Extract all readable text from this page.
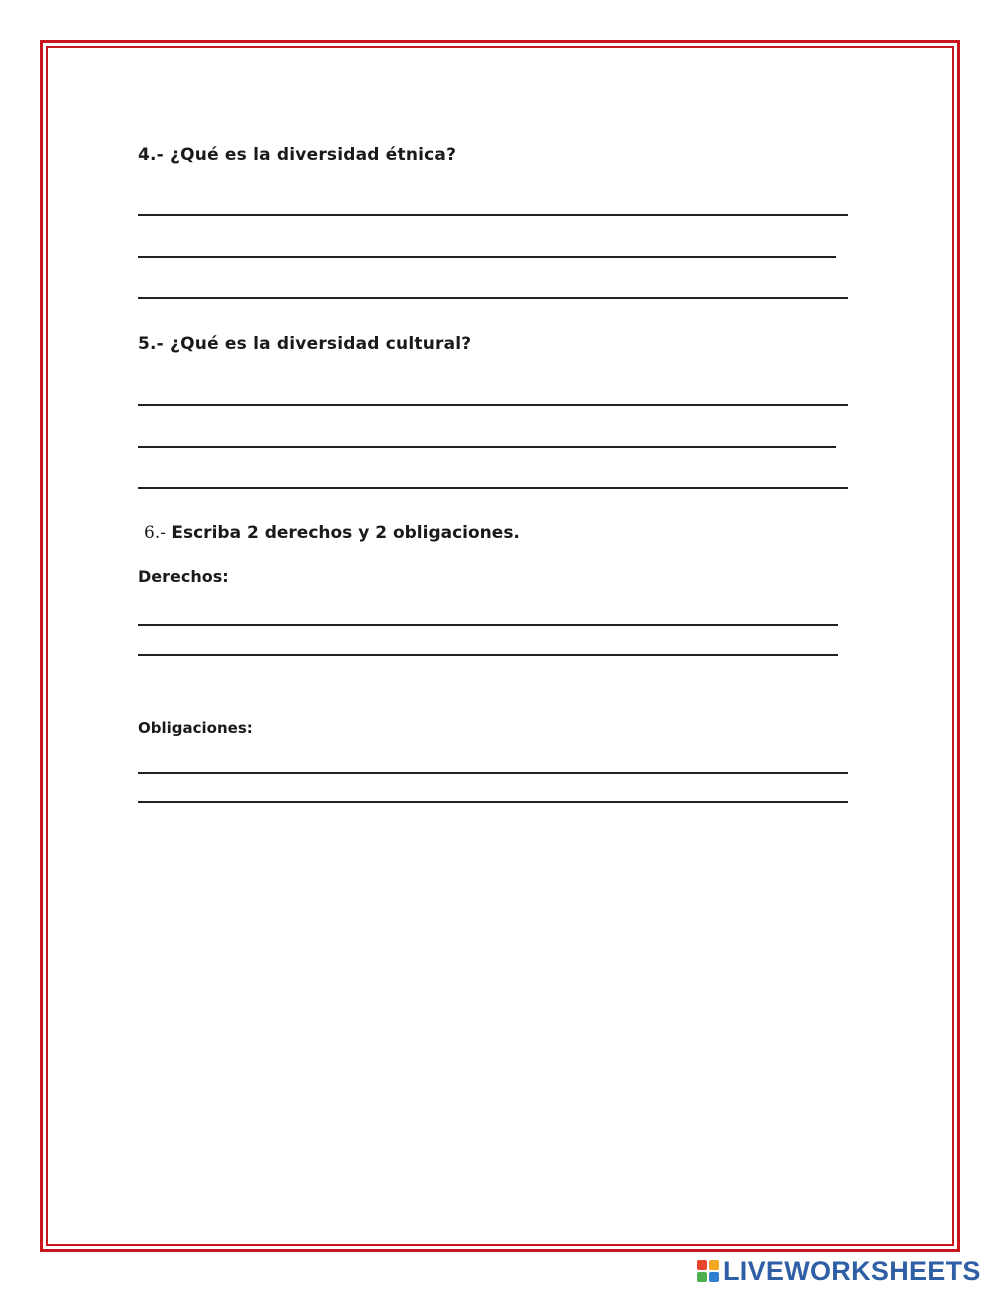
4.- ¿Qué es la diversidad étnica?
5.- ¿Qué es la diversidad cultural?
6.- Escriba 2 derechos y 2 obligaciones.
Derechos:
Obligaciones:
LIVEWORKSHEETS
